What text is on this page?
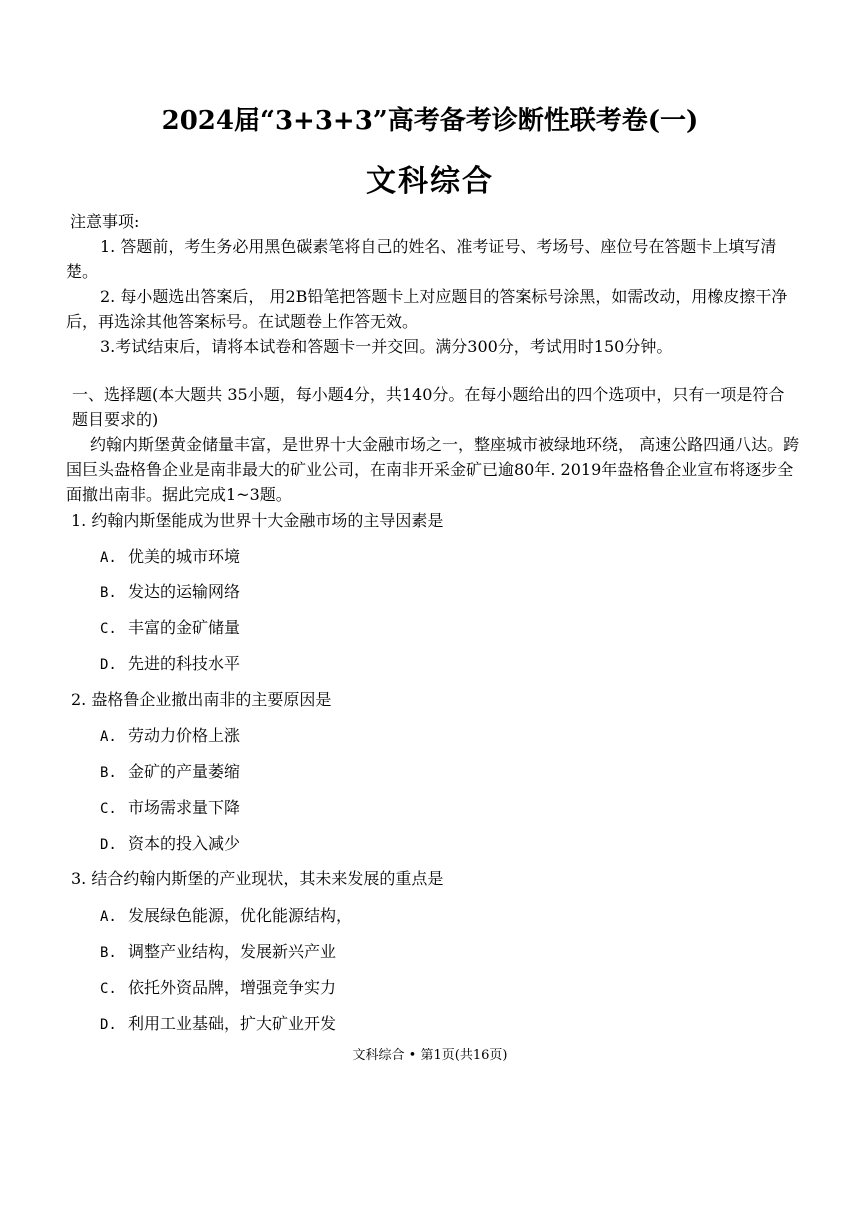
2024届“3+3+3”高考备考诊断性联考卷(一)
文科综合
注意事项:

1. 答题前，考生务必用黑色碳素笔将自己的姓名、准考证号、考场号、座位号在答题卡上填写清楚。

2. 每小题选出答案后， 用2B铅笔把答题卡上对应题目的答案标号涂黑，如需改动，用橡皮擦干净后，再选涂其他答案标号。在试题卷上作答无效。

3.考试结束后，请将本试卷和答题卡一并交回。满分300分，考试用时150分钟。

一、选择题(本大题共 35小题，每小题4分，共140分。在每小题给出的四个选项中，只有一项是符合题目要求的)

约翰内斯堡黄金储量丰富，是世界十大金融市场之一，整座城市被绿地环绕， 高速公路四通八达。跨国巨头盎格鲁企业是南非最大的矿业公司，在南非开采金矿已逾80年. 2019年盎格鲁企业宣布将逐步全面撤出南非。据此完成1~3题。

1. 约翰内斯堡能成为世界十大金融市场的主导因素是
A. 优美的城市环境
B. 发达的运输网络
C. 丰富的金矿储量
D. 先进的科技水平
2. 盎格鲁企业撤出南非的主要原因是
A. 劳动力价格上涨
B. 金矿的产量萎缩
C. 市场需求量下降
D. 资本的投入减少
3. 结合约翰内斯堡的产业现状，其未来发展的重点是
A. 发展绿色能源，优化能源结构，
B. 调整产业结构，发展新兴产业
C. 依托外资品牌，增强竞争实力
D. 利用工业基础，扩大矿业开发
文科综合 • 第1页(共16页)
